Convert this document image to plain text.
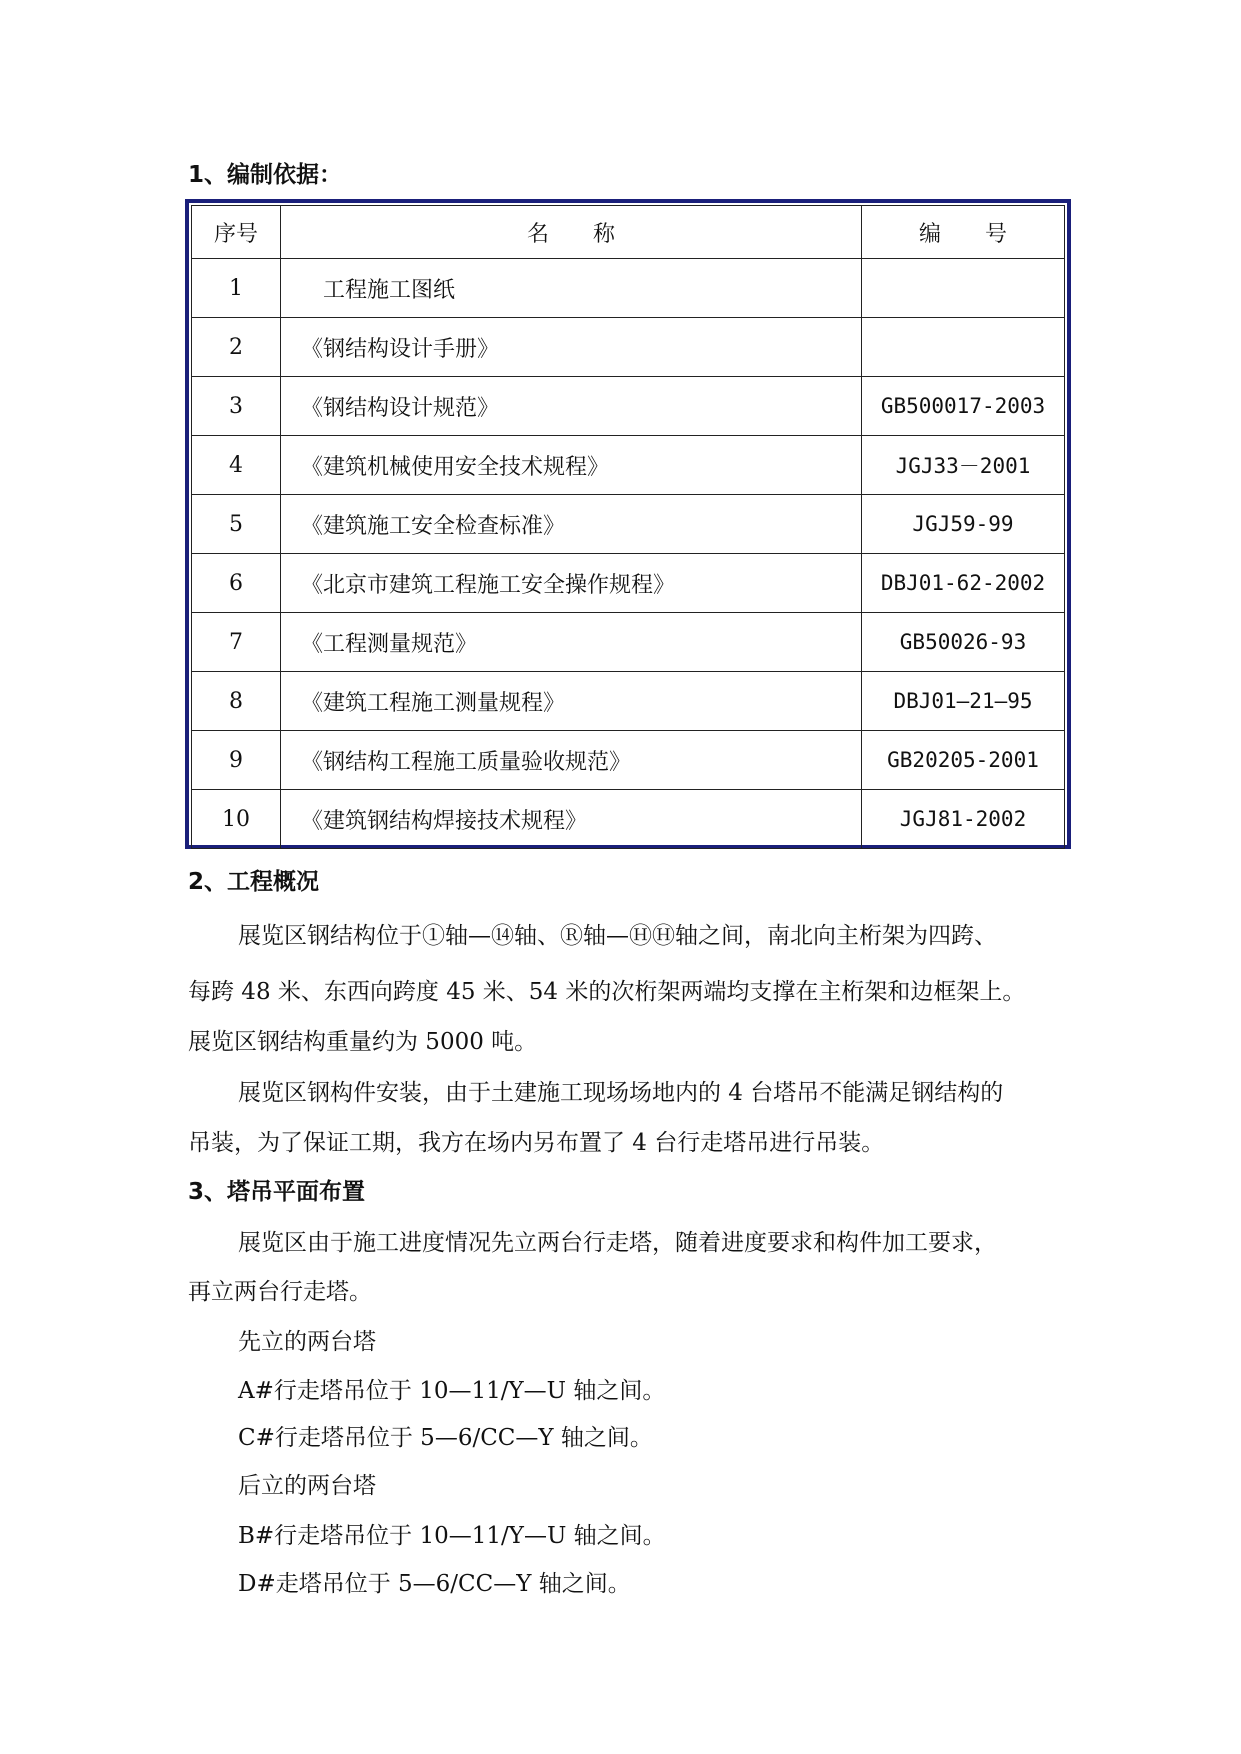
1、编制依据：
序号	名　　称	编　　号
1	　工程施工图纸	
2	《钢结构设计手册》	
3	《钢结构设计规范》	GB500017-2003
4	《建筑机械使用安全技术规程》	JGJ33－2001
5	《建筑施工安全检查标准》	JGJ59-99
6	《北京市建筑工程施工安全操作规程》	DBJ01-62-2002
7	《工程测量规范》	GB50026-93
8	《建筑工程施工测量规程》	DBJ01—21—95
9	《钢结构工程施工质量验收规范》	GB20205-2001
10	《建筑钢结构焊接技术规程》	JGJ81-2002
2、工程概况
展览区钢结构位于①轴—⑭轴、Ⓡ轴—ⒽⒽ轴之间，南北向主桁架为四跨、
每跨 48 米、东西向跨度 45 米、54 米的次桁架两端均支撑在主桁架和边框架上。
展览区钢结构重量约为 5000 吨。
展览区钢构件安装，由于土建施工现场场地内的 4 台塔吊不能满足钢结构的
吊装，为了保证工期，我方在场内另布置了 4 台行走塔吊进行吊装。
3、塔吊平面布置
展览区由于施工进度情况先立两台行走塔，随着进度要求和构件加工要求，
再立两台行走塔。
先立的两台塔
A#行走塔吊位于 10—11/Y—U 轴之间。
C#行走塔吊位于 5—6/CC—Y 轴之间。
后立的两台塔
B#行走塔吊位于 10—11/Y—U 轴之间。
D#走塔吊位于 5—6/CC—Y 轴之间。
